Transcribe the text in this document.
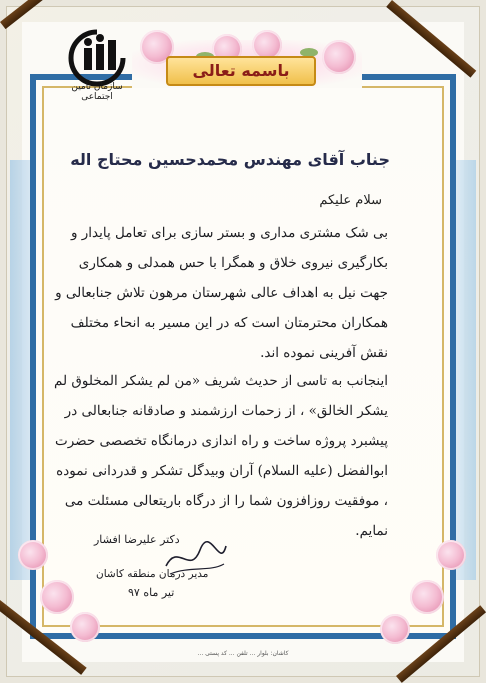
باسمه تعالی
سازمان تأمین اجتماعی
جناب آقای مهندس محمدحسین محتاج اله
سلام علیکم
بی شک مشتری مداری و بستر سازی برای تعامل پایدار و بکارگیری نیروی خلاق و همگرا با حس همدلی و همکاری جهت نیل به اهداف عالی شهرستان مرهون تلاش جنابعالی و همکاران محترمتان است که در این مسیر به انحاء مختلف نقش آفرینی نموده اند.
اینجانب به تاسی از حدیث شریف «من لم یشکر المخلوق لم یشکر الخالق» ، از زحمات ارزشمند و صادقانه جنابعالی در پیشبرد پروژه ساخت و راه اندازی درمانگاه تخصصی حضرت ابوالفضل (علیه السلام) آران وبیدگل تشکر و قدردانی نموده ، موفقیت روزافزون شما را از درگاه باریتعالی مسئلت می نمایم.
دکتر علیرضا افشار
مدیر درمان منطقه کاشان
تیر ماه ۹۷
کاشان: بلوار ... تلفن ... کد پستی ...
